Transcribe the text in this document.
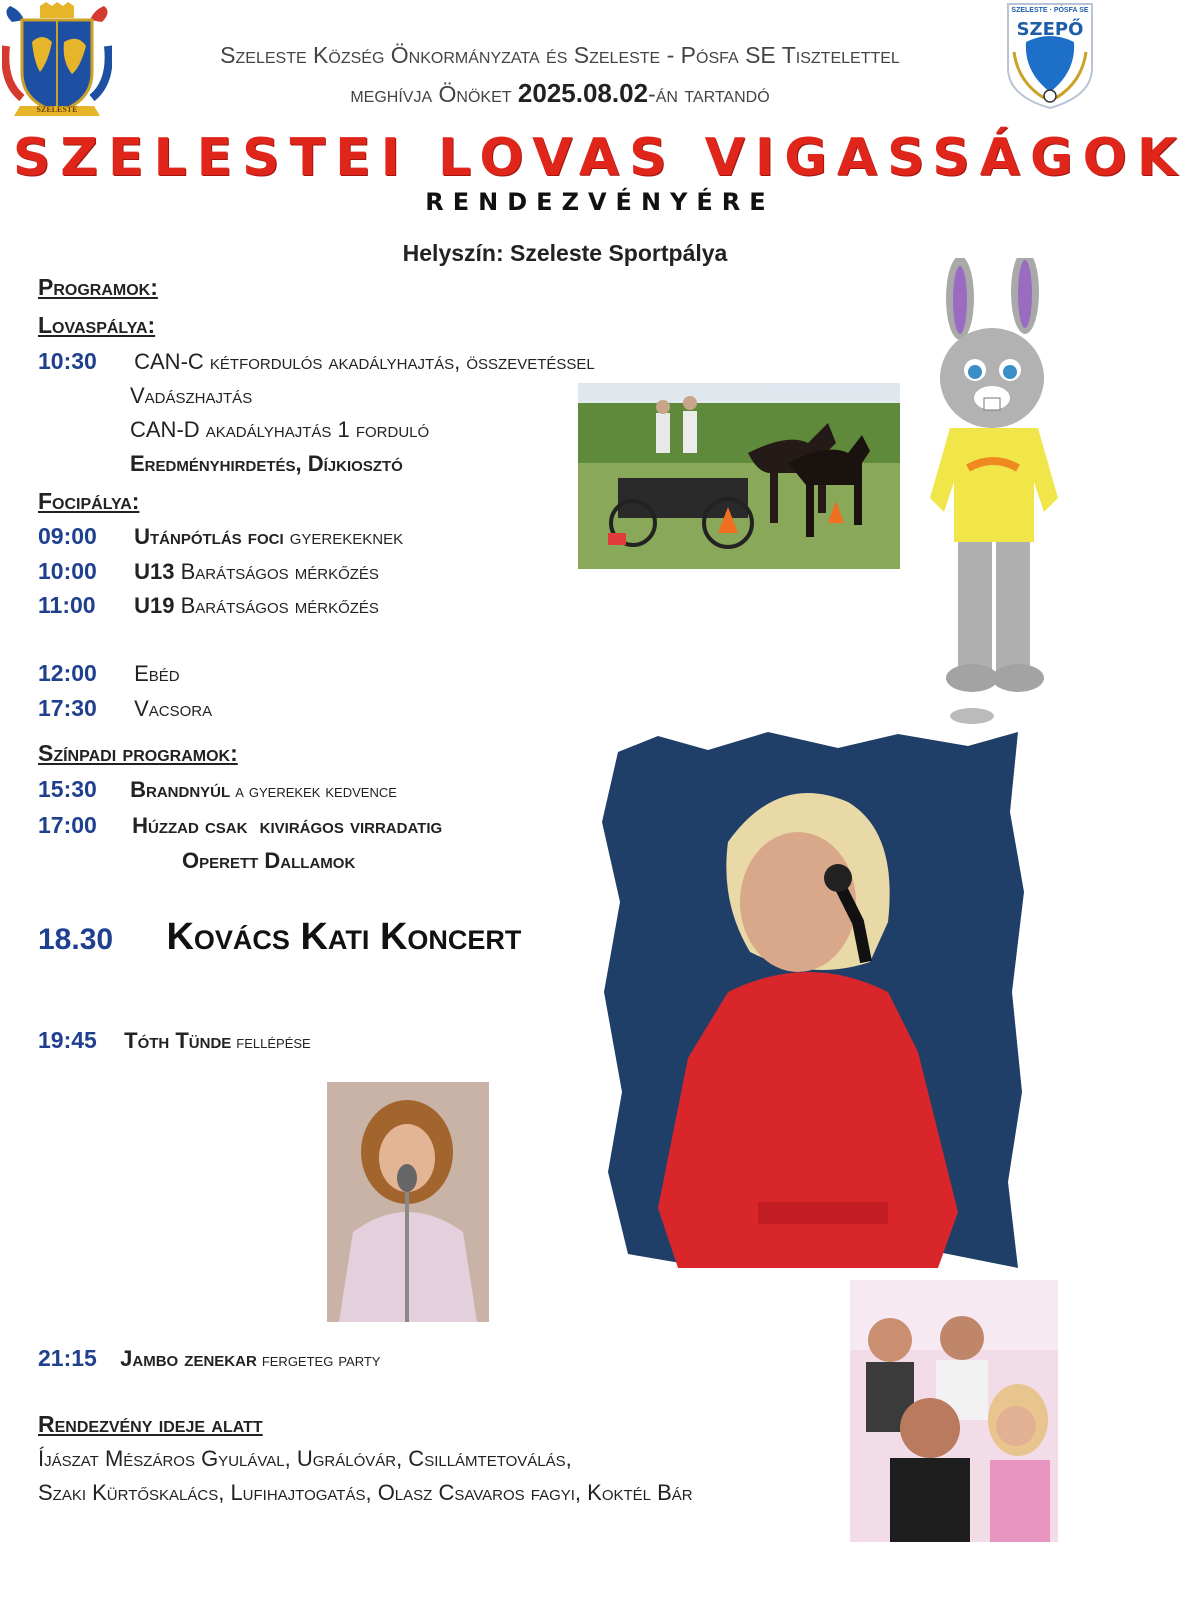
SZELESTE
SZELESTE · PÓSFA SE
SZEPŐ
Szeleste Község Önkormányzata és Szeleste - Pósfa SE Tisztelettel
meghívja Önöket 2025.08.02-án tartandó
SZELESTEI LOVAS VIGASSÁGOK
RENDEZVÉNYÉRE
Helyszín: Szeleste Sportpálya
Programok:
Lovaspálya:
10:30 CAN-C kétfordulós akadályhajtás, összevetéssel
Vadászhajtás
CAN-D akadályhajtás 1 forduló
Eredményhirdetés, Díjkiosztó
Focipálya:
09:00 Utánpótlás foci gyerekeknek
10:00 U13 Barátságos mérkőzés
11:00 U19 Barátságos mérkőzés
12:00 Ebéd
17:30 Vacsora
Színpadi programok:
15:30 Brandnyúl a gyerekek kedvence
17:00 Húzzad csak  kivirágos virradatig
Operett Dallamok
18.30 Kovács Kati Koncert
19:45 Tóth Tünde fellépése
21:15 Jambo zenekar fergeteg party
Rendezvény ideje alatt
Íjászat Mészáros Gyulával, Ugrálóvár, Csillámtetoválás,
Szaki Kürtőskalács, Lufihajtogatás, Olasz Csavaros fagyi, Koktél Bár
